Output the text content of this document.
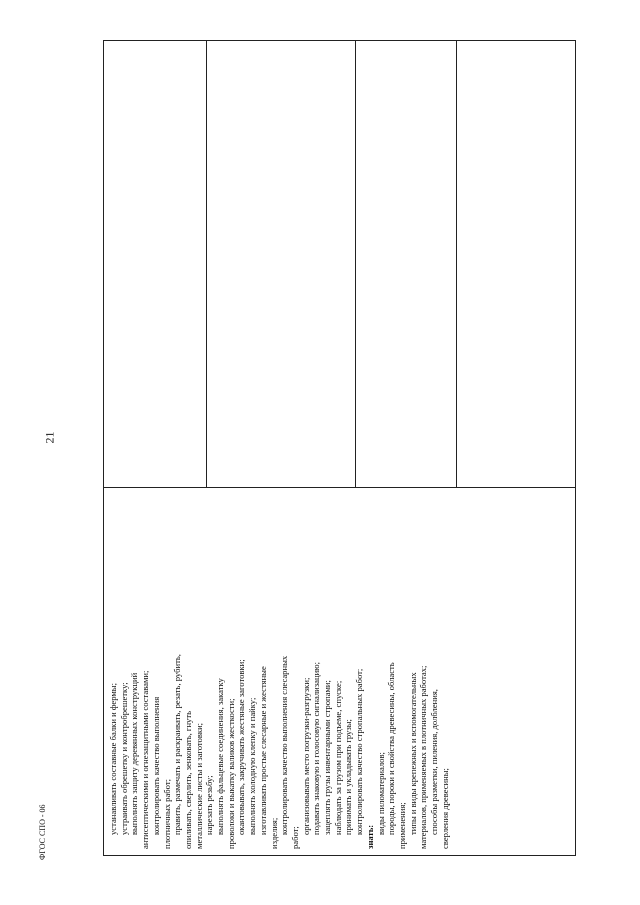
21
ФГОС СПО - 06	устанавливать составные балки и фермы; устраивать обрешетку и контробрешетку; выполнять защиту деревянных конструкций антисептическими и огнезащитными составами; контролировать качество выполнения плотничных работ; править, размечать и раскраивать, резать, рубить, опиливать, сверлить, зенковать, гнуть металлические листы и заготовки; нарезать резьбу; выполнять фальцевые соединения, закатку проволоки и выкатку валиков жесткости; окантовывать, закручивать жестяные заготовки; выполнять холодную клепку и пайку; изготавливать простые слесарные и жестяные изделия; контролировать качество выполнения слесарных
работ;
организовывать место погрузки-разгрузки; подавать знаковую и голосовую сигнализацию; зацеплять грузы инвентарными стропами; наблюдать за грузом при подъеме, спуске; принимать и укладывать грузы; контролировать качество стропальных работ;
знать:
виды пиломатериалов; породы, пороки и свойства древесины, область применения; типы и виды крепежных и вспомогательных материалов, применяемых в плотничных работах; способы разметки, пиления, долбления, сверления древесины;
